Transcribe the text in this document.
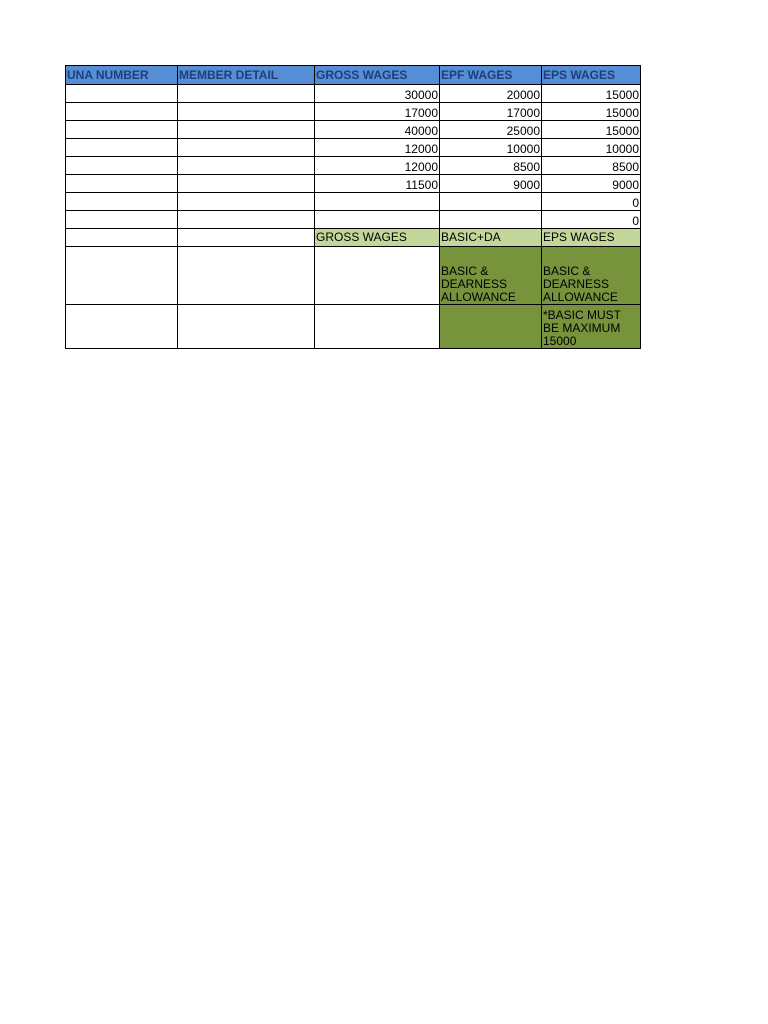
UNA NUMBER	MEMBER DETAIL	GROSS WAGES	EPF WAGES	EPS WAGES
		30000	20000	15000
		17000	17000	15000
		40000	25000	15000
		12000	10000	10000
		12000	8500	8500
		11500	9000	9000
				0
				0
		GROSS WAGES	BASIC+DA	EPS WAGES
			BASIC & DEARNESS ALLOWANCE	BASIC & DEARNESS ALLOWANCE
				*BASIC MUST BE MAXIMUM 15000
